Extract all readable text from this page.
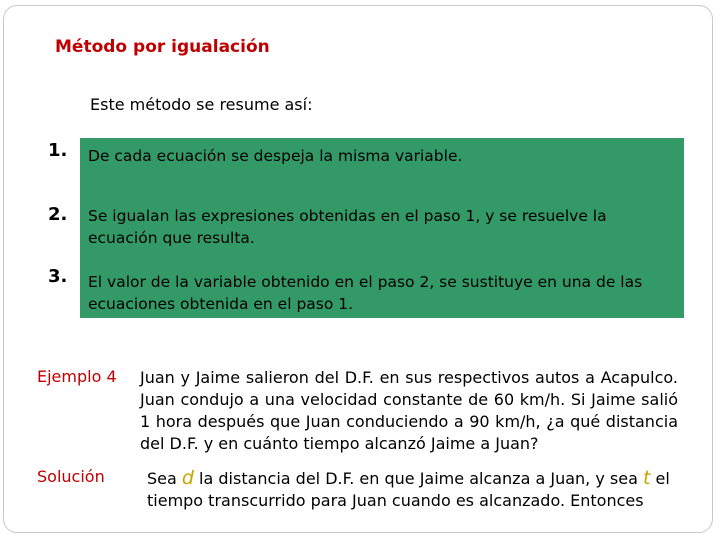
Método por igualación
Este método se resume así:
1. De cada ecuación se despeja la misma variable.
2. Se igualan las expresiones obtenidas en el paso 1, y se resuelve la ecuación que resulta.
3. El valor de la variable obtenido en el paso 2, se sustituye en una de las ecuaciones obtenida en el paso 1.
Ejemplo 4 Juan y Jaime salieron del D.F. en sus respectivos autos a Acapulco. Juan condujo a una velocidad constante de 60 km/h. Si Jaime salió 1 hora después que Juan conduciendo a 90 km/h, ¿a qué distancia del D.F. y en cuánto tiempo alcanzó Jaime a Juan?
Solución	Sea d la distancia del D.F. en que Jaime alcanza a Juan, y sea t el tiempo transcurrido para Juan cuando es alcanzado. Entonces
